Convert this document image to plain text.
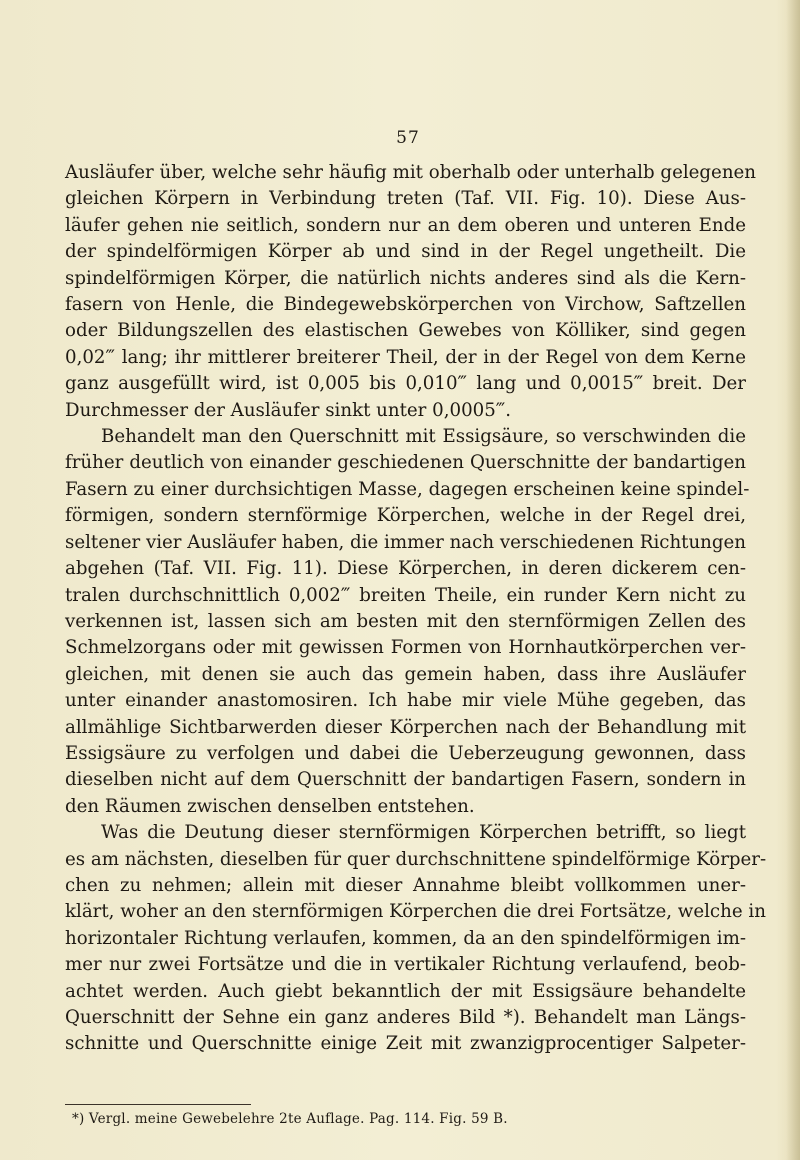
57
Ausläufer über, welche sehr häufig mit oberhalb oder unterhalb gelegenen
gleichen Körpern in Verbindung treten (Taf. VII. Fig. 10). Diese Aus-
läufer gehen nie seitlich, sondern nur an dem oberen und unteren Ende
der spindelförmigen Körper ab und sind in der Regel ungetheilt. Die
spindelförmigen Körper, die natürlich nichts anderes sind als die Kern-
fasern von Henle, die Bindegewebskörperchen von Virchow, Saftzellen
oder Bildungszellen des elastischen Gewebes von Kölliker, sind gegen
0,02‴ lang; ihr mittlerer breiterer Theil, der in der Regel von dem Kerne
ganz ausgefüllt wird, ist 0,005 bis 0,010‴ lang und 0,0015‴ breit. Der
Durchmesser der Ausläufer sinkt unter 0,0005‴.
Behandelt man den Querschnitt mit Essigsäure, so verschwinden die
früher deutlich von einander geschiedenen Querschnitte der bandartigen
Fasern zu einer durchsichtigen Masse, dagegen erscheinen keine spindel-
förmigen, sondern sternförmige Körperchen, welche in der Regel drei,
seltener vier Ausläufer haben, die immer nach verschiedenen Richtungen
abgehen (Taf. VII. Fig. 11). Diese Körperchen, in deren dickerem cen-
tralen durchschnittlich 0,002‴ breiten Theile, ein runder Kern nicht zu
verkennen ist, lassen sich am besten mit den sternförmigen Zellen des
Schmelzorgans oder mit gewissen Formen von Hornhautkörperchen ver-
gleichen, mit denen sie auch das gemein haben, dass ihre Ausläufer
unter einander anastomosiren. Ich habe mir viele Mühe gegeben, das
allmählige Sichtbarwerden dieser Körperchen nach der Behandlung mit
Essigsäure zu verfolgen und dabei die Ueberzeugung gewonnen, dass
dieselben nicht auf dem Querschnitt der bandartigen Fasern, sondern in
den Räumen zwischen denselben entstehen.
Was die Deutung dieser sternförmigen Körperchen betrifft, so liegt
es am nächsten, dieselben für quer durchschnittene spindelförmige Körper-
chen zu nehmen; allein mit dieser Annahme bleibt vollkommen uner-
klärt, woher an den sternförmigen Körperchen die drei Fortsätze, welche in
horizontaler Richtung verlaufen, kommen, da an den spindelförmigen im-
mer nur zwei Fortsätze und die in vertikaler Richtung verlaufend, beob-
achtet werden. Auch giebt bekanntlich der mit Essigsäure behandelte
Querschnitt der Sehne ein ganz anderes Bild *). Behandelt man Längs-
schnitte und Querschnitte einige Zeit mit zwanzigprocentiger Salpeter-
*) Vergl. meine Gewebelehre 2te Auflage. Pag. 114. Fig. 59 B.
